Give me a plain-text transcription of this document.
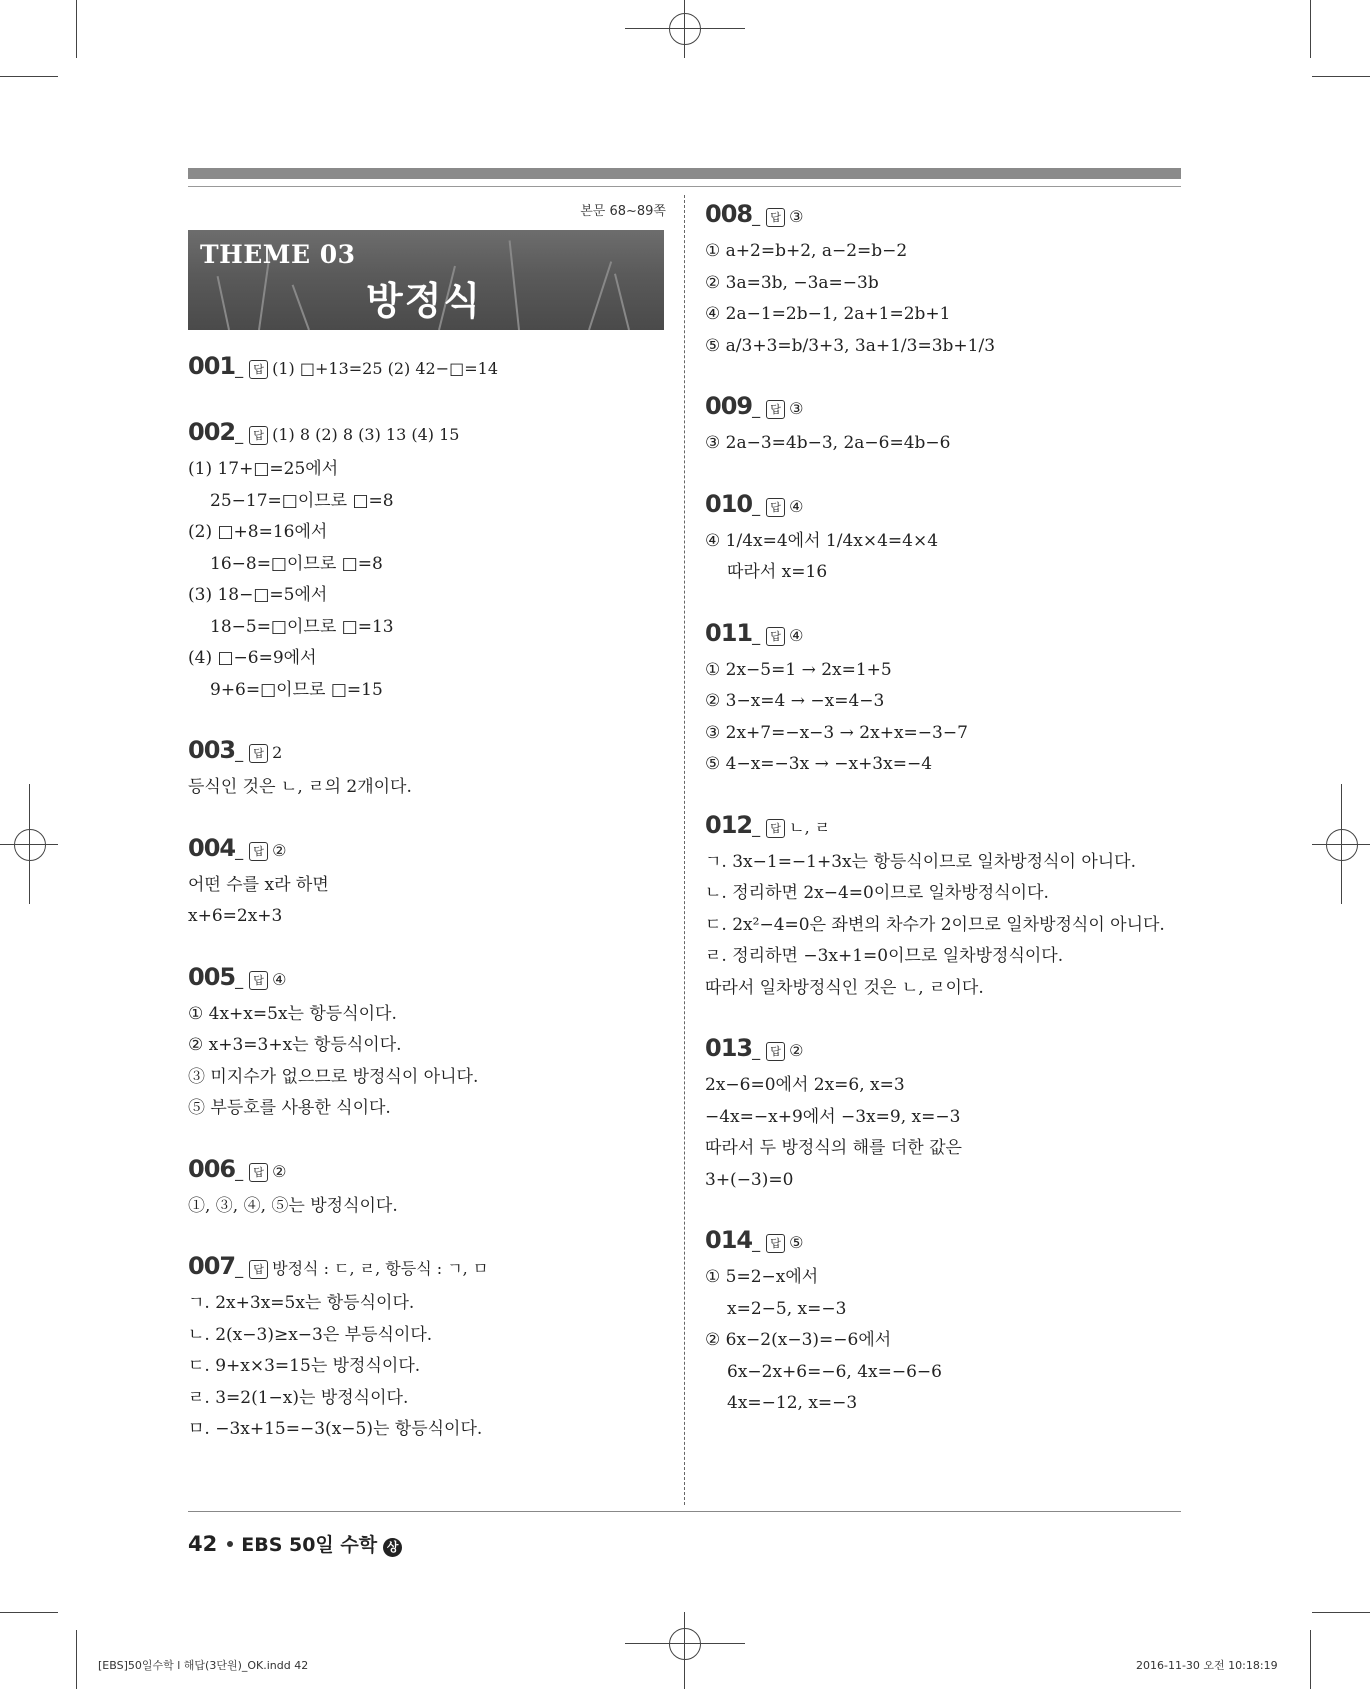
본문 68~89쪽
THEME 03
방정식
001 _ 답 (1) □+13=25 (2) 42−□=14
002 _ 답 (1) 8 (2) 8 (3) 13 (4) 15
(1) 17+□=25에서
25−17=□이므로 □=8
(2) □+8=16에서
16−8=□이므로 □=8
(3) 18−□=5에서
18−5=□이므로 □=13
(4) □−6=9에서
9+6=□이므로 □=15
003 _ 답 2
등식인 것은 ㄴ, ㄹ의 2개이다.
004 _ 답 ②
어떤 수를 x라 하면
x+6=2x+3
005 _ 답 ④
① 4x+x=5x는 항등식이다.
② x+3=3+x는 항등식이다.
③ 미지수가 없으므로 방정식이 아니다.
⑤ 부등호를 사용한 식이다.
006 _ 답 ②
①, ③, ④, ⑤는 방정식이다.
007 _ 답 방정식 : ㄷ, ㄹ, 항등식 : ㄱ, ㅁ
ㄱ. 2x+3x=5x는 항등식이다.
ㄴ. 2(x−3)≥x−3은 부등식이다.
ㄷ. 9+x×3=15는 방정식이다.
ㄹ. 3=2(1−x)는 방정식이다.
ㅁ. −3x+15=−3(x−5)는 항등식이다.
008 _ 답 ③
① a+2=b+2, a−2=b−2
② 3a=3b, −3a=−3b
④ 2a−1=2b−1, 2a+1=2b+1
⑤ a/3+3=b/3+3, 3a+1/3=3b+1/3
009 _ 답 ③
③ 2a−3=4b−3, 2a−6=4b−6
010 _ 답 ④
④ 1/4x=4에서 1/4x×4=4×4
따라서 x=16
011 _ 답 ④
① 2x−5=1 → 2x=1+5
② 3−x=4 → −x=4−3
③ 2x+7=−x−3 → 2x+x=−3−7
⑤ 4−x=−3x → −x+3x=−4
012 _ 답 ㄴ, ㄹ
ㄱ. 3x−1=−1+3x는 항등식이므로 일차방정식이 아니다.
ㄴ. 정리하면 2x−4=0이므로 일차방정식이다.
ㄷ. 2x²−4=0은 좌변의 차수가 2이므로 일차방정식이 아니다.
ㄹ. 정리하면 −3x+1=0이므로 일차방정식이다.
따라서 일차방정식인 것은 ㄴ, ㄹ이다.
013 _ 답 ②
2x−6=0에서 2x=6, x=3
−4x=−x+9에서 −3x=9, x=−3
따라서 두 방정식의 해를 더한 값은
3+(−3)=0
014 _ 답 ⑤
① 5=2−x에서
x=2−5, x=−3
② 6x−2(x−3)=−6에서
6x−2x+6=−6, 4x=−6−6
4x=−12, x=−3
42 EBS 50일 수학 상
[EBS]50일수학 l 해답(3단원)_OK.indd 42	2016-11-30 오전 10:18:19
